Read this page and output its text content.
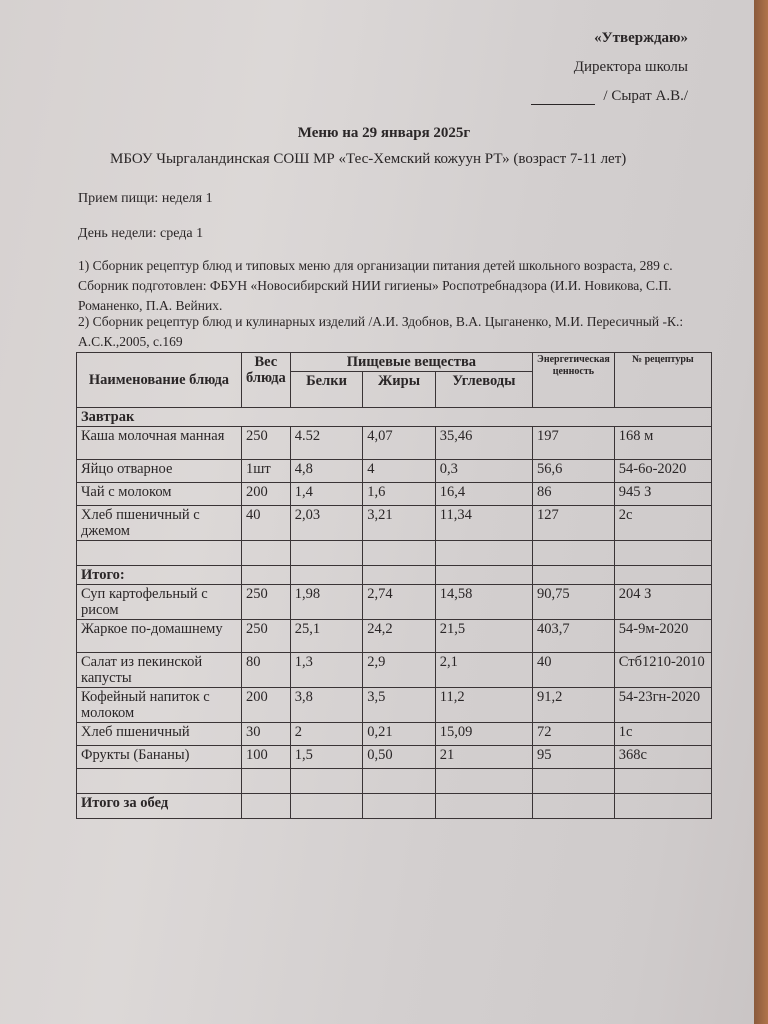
«Утверждаю»
Директора школы
/ Сырат А.В./
Меню на 29 января 2025г
МБОУ Чыргаландинская СОШ МР «Тес-Хемский кожуун РТ» (возраст 7-11 лет)
Прием пищи: неделя 1
День недели: среда 1
1) Сборник рецептур блюд и типовых меню для организации питания детей школьного возраста, 289 с. Сборник подготовлен: ФБУН «Новосибирский НИИ гигиены» Роспотребнадзора (И.И. Новикова, С.П. Романенко, П.А. Вейних.
2) Сборник рецептур блюд и кулинарных изделий /А.И. Здобнов, В.А. Цыганенко, М.И. Пересичный -К.: А.С.К.,2005, с.169
Наименование блюда	Вес блюда	Пищевые вещества			Энергетическая ценность	№ рецептуры
		Белки	Жиры	Углеводы		
Завтрак						
Каша молочная манная	250	4.52	4,07	35,46	197	168 м
Яйцо отварное	1шт	4,8	4	0,3	56,6	54-6о-2020
Чай с молоком	200	1,4	1,6	16,4	86	945 З
Хлеб пшеничный с джемом	40	2,03	3,21	11,34	127	2с

Итого:						
Суп картофельный с рисом	250	1,98	2,74	14,58	90,75	204 З
Жаркое по-домашнему	250	25,1	24,2	21,5	403,7	54-9м-2020
Салат из пекинской капусты	80	1,3	2,9	2,1	40	Стб1210-2010
Кофейный напиток с молоком	200	3,8	3,5	11,2	91,2	54-23гн-2020
Хлеб пшеничный	30	2	0,21	15,09	72	1с
Фрукты (Бананы)	100	1,5	0,50	21	95	368с

Итого за обед						
